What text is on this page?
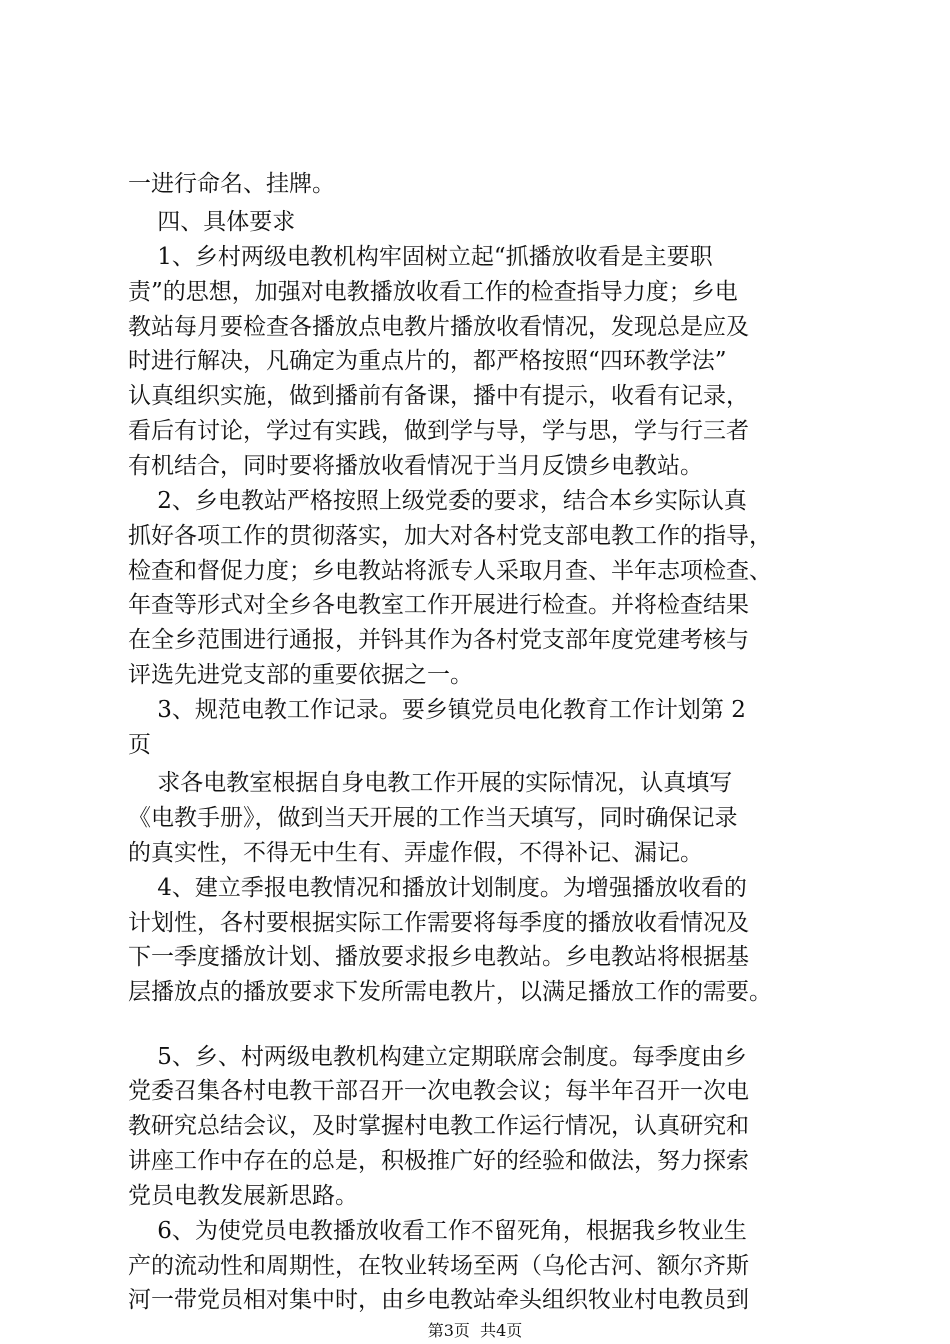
一进行命名、挂牌。
四、具体要求
1、乡村两级电教机构牢固树立起“抓播放收看是主要职
责”的思想，加强对电教播放收看工作的检查指导力度；乡电
教站每月要检查各播放点电教片播放收看情况，发现总是应及
时进行解决，凡确定为重点片的，都严格按照“四环教学法”
认真组织实施，做到播前有备课，播中有提示，收看有记录，
看后有讨论，学过有实践，做到学与导，学与思，学与行三者
有机结合，同时要将播放收看情况于当月反馈乡电教站。
2、乡电教站严格按照上级党委的要求，结合本乡实际认真
抓好各项工作的贯彻落实，加大对各村党支部电教工作的指导，
检查和督促力度；乡电教站将派专人采取月查、半年志项检查、
年查等形式对全乡各电教室工作开展进行检查。并将检查结果
在全乡范围进行通报，并钭其作为各村党支部年度党建考核与
评选先进党支部的重要依据之一。
3、规范电教工作记录。要乡镇党员电化教育工作计划第 2
页
求各电教室根据自身电教工作开展的实际情况，认真填写
《电教手册》，做到当天开展的工作当天填写，同时确保记录
的真实性，不得无中生有、弄虚作假，不得补记、漏记。
4、建立季报电教情况和播放计划制度。为增强播放收看的
计划性，各村要根据实际工作需要将每季度的播放收看情况及
下一季度播放计划、播放要求报乡电教站。乡电教站将根据基
层播放点的播放要求下发所需电教片，以满足播放工作的需要。
5、乡、村两级电教机构建立定期联席会制度。每季度由乡
党委召集各村电教干部召开一次电教会议；每半年召开一次电
教研究总结会议，及时掌握村电教工作运行情况，认真研究和
讲座工作中存在的总是，积极推广好的经验和做法，努力探索
党员电教发展新思路。
6、为使党员电教播放收看工作不留死角，根据我乡牧业生
产的流动性和周期性，在牧业转场至两（乌伦古河、额尔齐斯
河一带党员相对集中时，由乡电教站牵头组织牧业村电教员到
第3页  共4页
